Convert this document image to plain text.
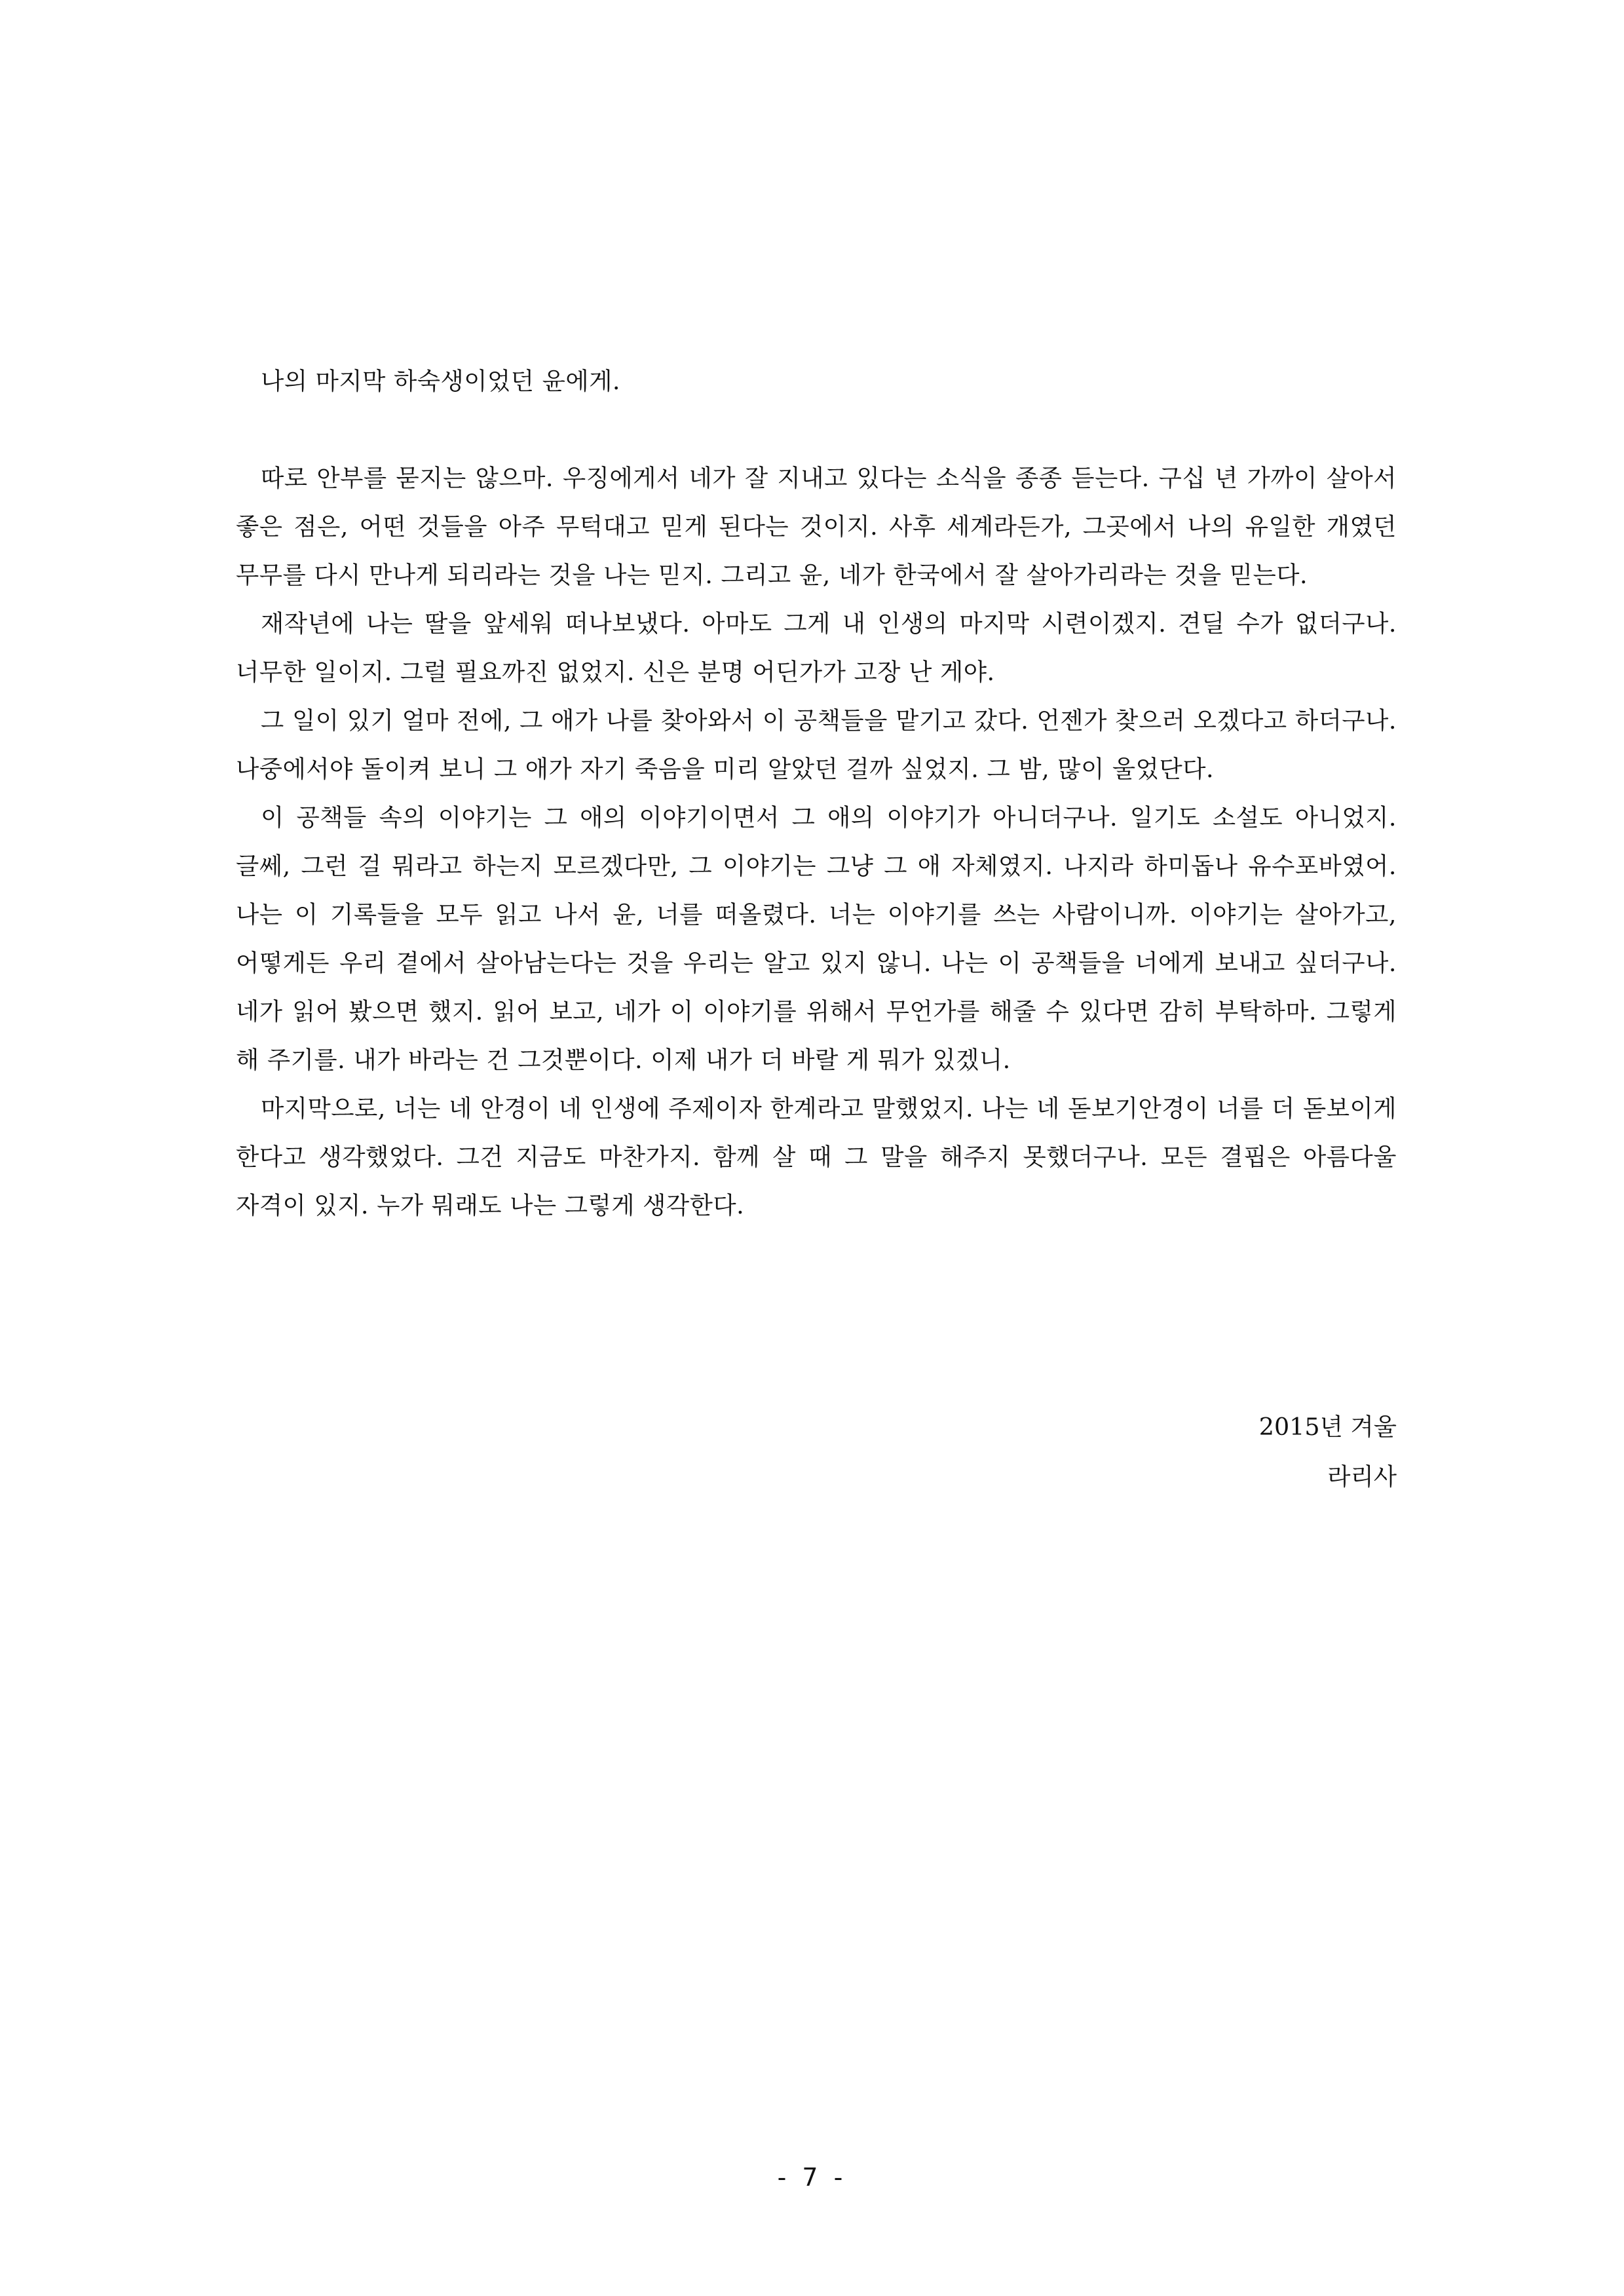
나의 마지막 하숙생이었던 윤에게.

따로 안부를 묻지는 않으마. 우징에게서 네가 잘 지내고 있다는 소식을 종종 듣는다. 구십 년 가까이 살아서 좋은 점은, 어떤 것들을 아주 무턱대고 믿게 된다는 것이지. 사후 세계라든가, 그곳에서 나의 유일한 개였던 무무를 다시 만나게 되리라는 것을 나는 믿지. 그리고 윤, 네가 한국에서 잘 살아가리라는 것을 믿는다.

재작년에 나는 딸을 앞세워 떠나보냈다. 아마도 그게 내 인생의 마지막 시련이겠지. 견딜 수가 없더구나. 너무한 일이지. 그럴 필요까진 없었지. 신은 분명 어딘가가 고장 난 게야.

그 일이 있기 얼마 전에, 그 애가 나를 찾아와서 이 공책들을 맡기고 갔다. 언젠가 찾으러 오겠다고 하더구나. 나중에서야 돌이켜 보니 그 애가 자기 죽음을 미리 알았던 걸까 싶었지. 그 밤, 많이 울었단다.

이 공책들 속의 이야기는 그 애의 이야기이면서 그 애의 이야기가 아니더구나. 일기도 소설도 아니었지. 글쎄, 그런 걸 뭐라고 하는지 모르겠다만, 그 이야기는 그냥 그 애 자체였지. 나지라 하미돕나 유수포바였어. 나는 이 기록들을 모두 읽고 나서 윤, 너를 떠올렸다. 너는 이야기를 쓰는 사람이니까. 이야기는 살아가고, 어떻게든 우리 곁에서 살아남는다는 것을 우리는 알고 있지 않니. 나는 이 공책들을 너에게 보내고 싶더구나. 네가 읽어 봤으면 했지. 읽어 보고, 네가 이 이야기를 위해서 무언가를 해줄 수 있다면 감히 부탁하마. 그렇게 해 주기를. 내가 바라는 건 그것뿐이다. 이제 내가 더 바랄 게 뭐가 있겠니.

마지막으로, 너는 네 안경이 네 인생에 주제이자 한계라고 말했었지. 나는 네 돋보기안경이 너를 더 돋보이게 한다고 생각했었다. 그건 지금도 마찬가지. 함께 살 때 그 말을 해주지 못했더구나. 모든 결핍은 아름다울 자격이 있지. 누가 뭐래도 나는 그렇게 생각한다.

2015년 겨울
라리사
- 7 -
